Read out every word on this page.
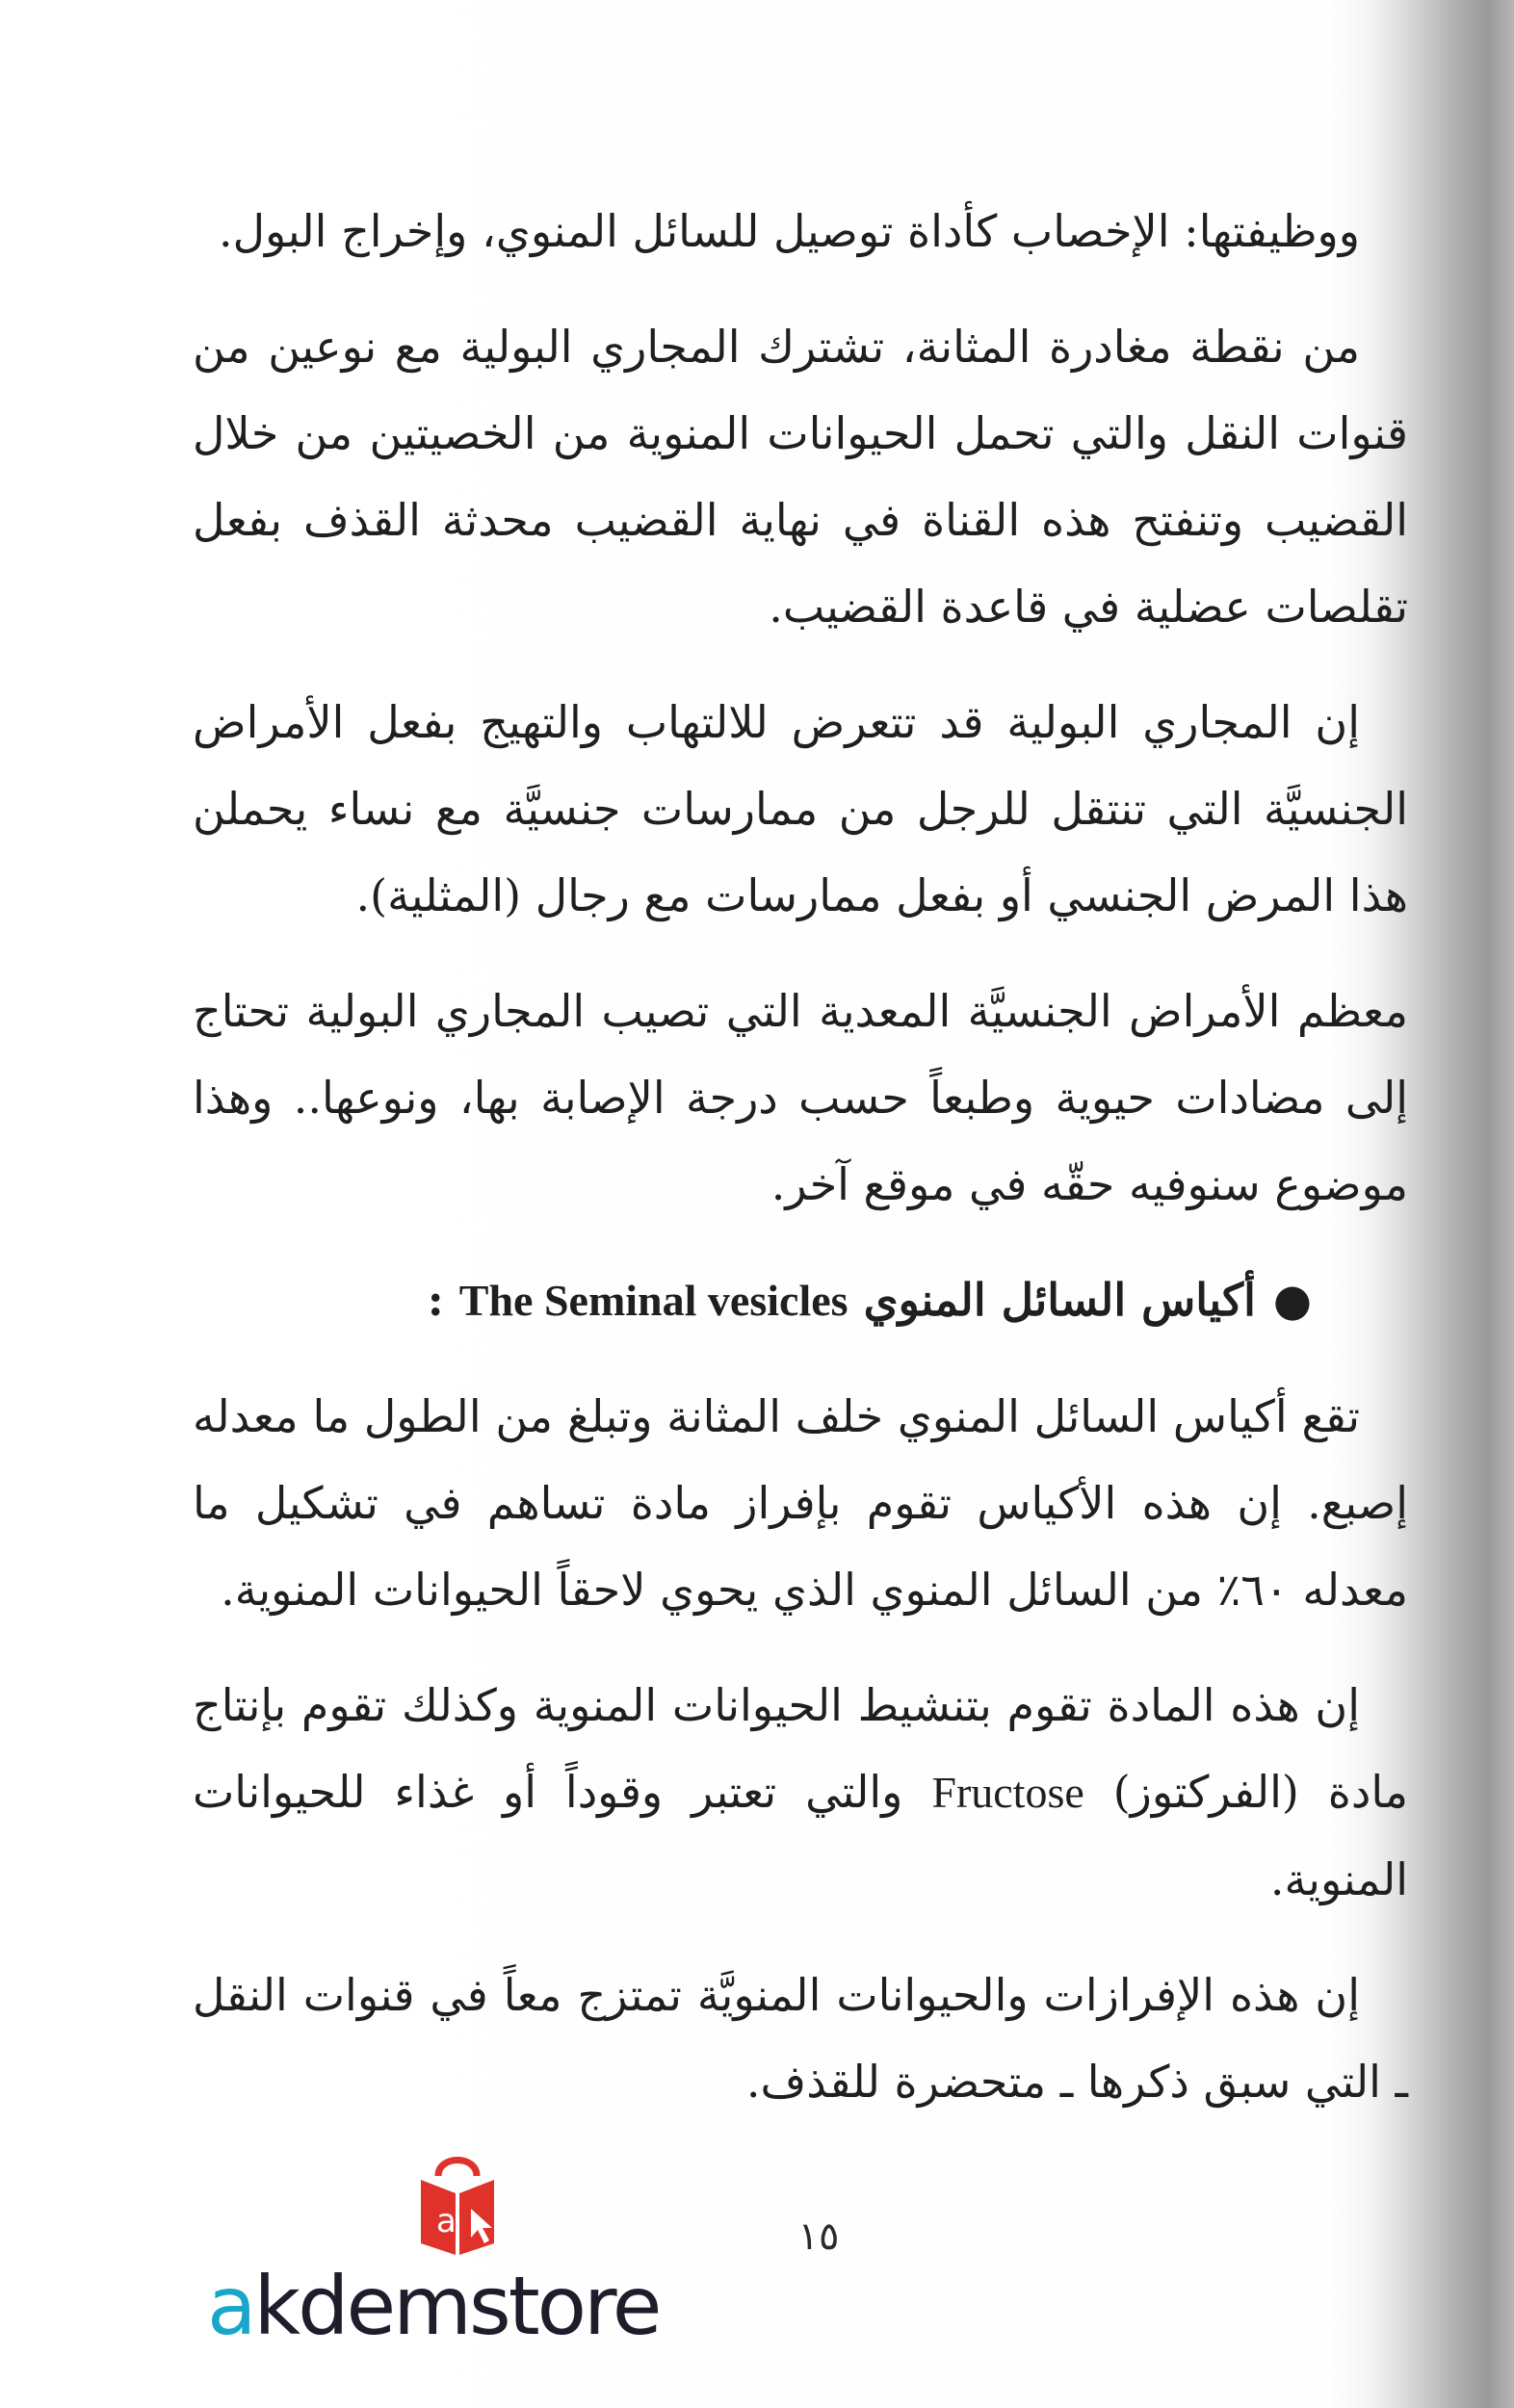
ووظيفتها: الإخصاب كأداة توصيل للسائل المنوي، وإخراج البول.

من نقطة مغادرة المثانة، تشترك المجاري البولية مع نوعين من قنوات النقل والتي تحمل الحيوانات المنوية من الخصيتين من خلال القضيب وتنفتح هذه القناة في نهاية القضيب محدثة القذف بفعل تقلصات عضلية في قاعدة القضيب.

إن المجاري البولية قد تتعرض للالتهاب والتهيج بفعل الأمراض الجنسيَّة التي تنتقل للرجل من ممارسات جنسيَّة مع نساء يحملن هذا المرض الجنسي أو بفعل ممارسات مع رجال (المثلية).

معظم الأمراض الجنسيَّة المعدية التي تصيب المجاري البولية تحتاج إلى مضادات حيوية وطبعاً حسب درجة الإصابة بها، ونوعها.. وهذا موضوع سنوفيه حقّه في موقع آخر.

●أكياس السائل المنوي The Seminal vesicles :

تقع أكياس السائل المنوي خلف المثانة وتبلغ من الطول ما معدله إصبع. إن هذه الأكياس تقوم بإفراز مادة تساهم في تشكيل ما معدله ٦٠٪ من السائل المنوي الذي يحوي لاحقاً الحيوانات المنوية.

إن هذه المادة تقوم بتنشيط الحيوانات المنوية وكذلك تقوم بإنتاج مادة (الفركتوز) Fructose والتي تعتبر وقوداً أو غذاء للحيوانات المنوية.

إن هذه الإفرازات والحيوانات المنويَّة تمتزج معاً في قنوات النقل ـ التي سبق ذكرها ـ متحضرة للقذف.

١٥
a
akdemstore
